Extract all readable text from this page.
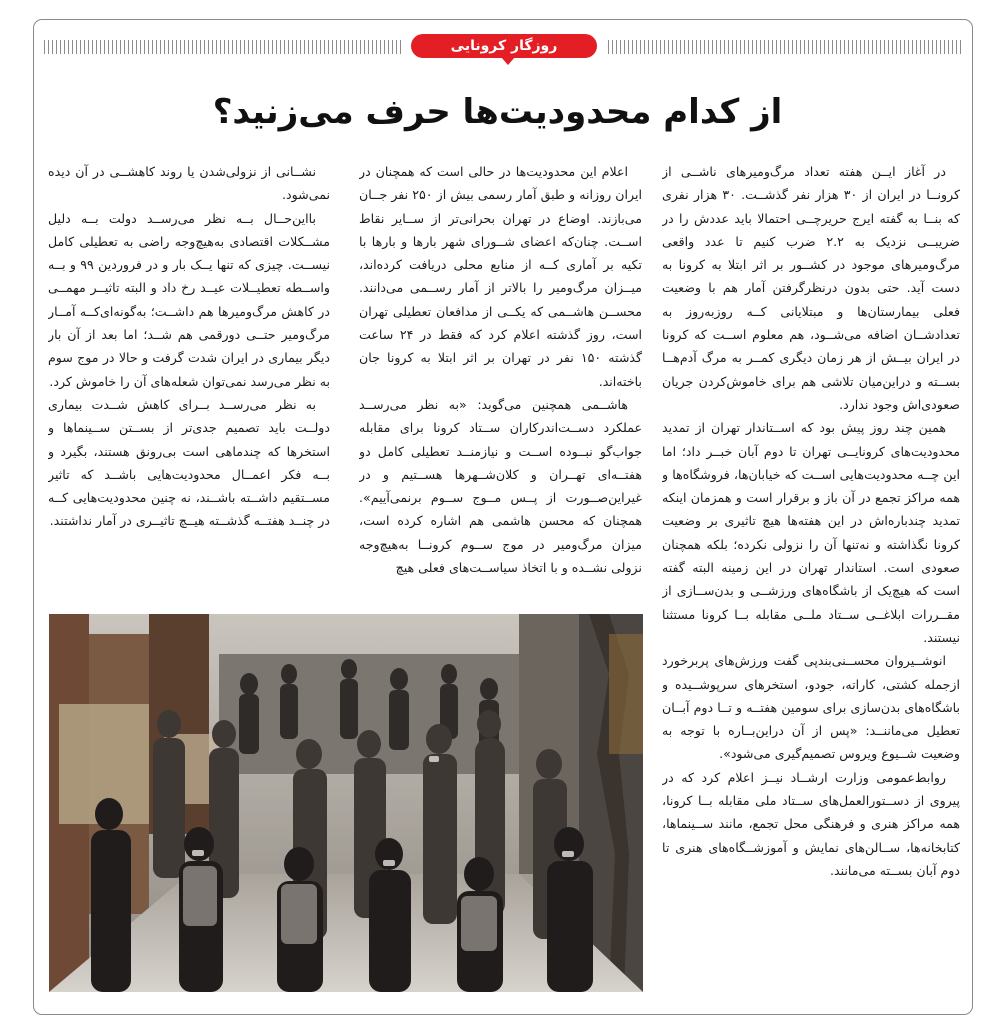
روزگار کرونایی
از کدام محدودیت‌ها حرف می‌زنید؟

در آغاز ایــن هفته تعداد مرگ‌ومیرهای ناشــی از کرونــا در ایران از ۳۰ هزار نفر گذشــت. ۳۰ هزار نفری که بنــا به گفته ایرج حریرچــی احتمالا باید عددش را در ضریبــی نزدیک به ۲.۲ ضرب کنیم تا عدد واقعی مرگ‌ومیرهای موجود در کشــور بر اثر ابتلا به کرونا به دست آید. حتی بدون درنظرگرفتن آمار هم با وضعیت فعلی بیمارستان‌ها و مبتلایانی کــه روزبه‌روز به تعدادشــان اضافه می‌شــود، هم معلوم اســت که کرونا در ایران بیــش از هر زمان دیگری کمــر به مرگ آدم‌هــا بســته و دراین‌میان تلاشی هم برای خاموش‌کردن جریان صعودی‌اش وجود ندارد.

همین چند روز پیش بود که اســتاندار تهران از تمدید محدودیت‌های کرونایــی تهران تا دوم آبان خبــر داد؛ اما این چــه محدودیت‌هایی اســت که خیابان‌ها، فروشگاه‌ها و همه مراکز تجمع در آن باز و برقرار است و همزمان اینکه تمدید چندباره‌اش در این هفته‌ها هیچ تاثیری بر وضعیت کرونا نگذاشته و نه‌تنها آن را نزولی نکرده؛ بلکه همچنان صعودی است. استاندار تهران در این زمینه البته گفته است که هیچ‌یک از باشگاه‌های ورزشــی و بدن‌ســازی از مقــررات ابلاغــی ســتاد ملــی مقابله بــا کرونا مستثنا نیستند.

انوشــیروان محســنی‌بندپی گفت ورزش‌های پربرخورد ازجمله کشتی، کاراته، جودو، استخرهای سرپوشــیده و باشگاه‌های بدن‌سازی برای سومین هفتــه و تــا دوم آبــان تعطیل می‌ماننــد: «پس از آن دراین‌بــاره با توجه به وضعیت شــیوع ویروس تصمیم‌گیری می‌شود».

روابط‌عمومی وزارت ارشــاد نیــز اعلام کرد که در پیروی از دســتورالعمل‌های ســتاد ملی مقابله بــا کرونا، همه مراکز هنری و فرهنگی محل تجمع، مانند ســینماها، کتابخانه‌ها، ســالن‌های نمایش و آموزشــگاه‌های هنری تا دوم آبان بســته می‌مانند.

اعلام این محدودیت‌ها در حالی است که همچنان در ایران روزانه و طبق آمار رسمی بیش از ۲۵۰ نفر جــان می‌بازند. اوضاع در تهران بحرانی‌تر از ســایر نقاط اســت. چنان‌که اعضای شــورای شهر بارها و بارها با تکیه بر آماری کــه از منابع محلی دریافت کرده‌اند، میــزان مرگ‌ومیر را بالاتر از آمار رســمی می‌دانند. محســن هاشــمی که یکــی از مدافعان تعطیلی تهران است، روز گذشته اعلام کرد که فقط در ۲۴ ساعت گذشته ۱۵۰ نفر در تهران بر اثر ابتلا به کرونا جان باخته‌اند.

هاشــمی همچنین می‌گوید: «به نظر می‌رســد عملکرد دســت‌اندرکاران ســتاد کرونا برای مقابله جواب‌گو نبــوده اســت و نیازمنــد تعطیلی کامل دو هفتــه‌ای تهــران و کلان‌شــهرها هســتیم و در غیراین‌صــورت از پــس مــوج ســوم برنمی‌آییم». همچنان که محسن هاشمی هم اشاره کرده است، میزان مرگ‌ومیر در موج ســوم کرونــا به‌هیچ‌وجه نزولی نشــده و با اتخاذ سیاســت‌های فعلی هیچ

نشــانی از نزولی‌شدن یا روند کاهشــی در آن دیده نمی‌شود.

بااین‌حــال بــه نظر می‌رســد دولت بــه دلیل مشــکلات اقتصادی به‌هیچ‌وجه راضی به تعطیلی کامل نیســت. چیزی که تنها یــک بار و در فروردین ۹۹ و بــه واســطه تعطیــلات عیــد رخ داد و البته تاثیــر مهمــی در کاهش مرگ‌ومیرها هم داشــت؛ به‌گونه‌ای‌کــه آمــار مرگ‌ومیر حتــی دورقمی هم شــد؛ اما بعد از آن بار دیگر بیماری در ایران شدت گرفت و حالا در موج سوم به نظر می‌رسد نمی‌توان شعله‌های آن را خاموش کرد.

به نظر می‌رســد بــرای کاهش شــدت بیماری دولــت باید تصمیم جدی‌تر از بســتن ســینماها و استخرها که چندماهی است بی‌رونق هستند، بگیرد و بــه فکر اعمــال محدودیت‌هایی باشــد که تاثیر مســتقیم داشــته باشــند، نه چنین محدودیت‌هایی کــه در چنــد هفتــه گذشــته هیــچ تاثیــری در آمار نداشتند.
